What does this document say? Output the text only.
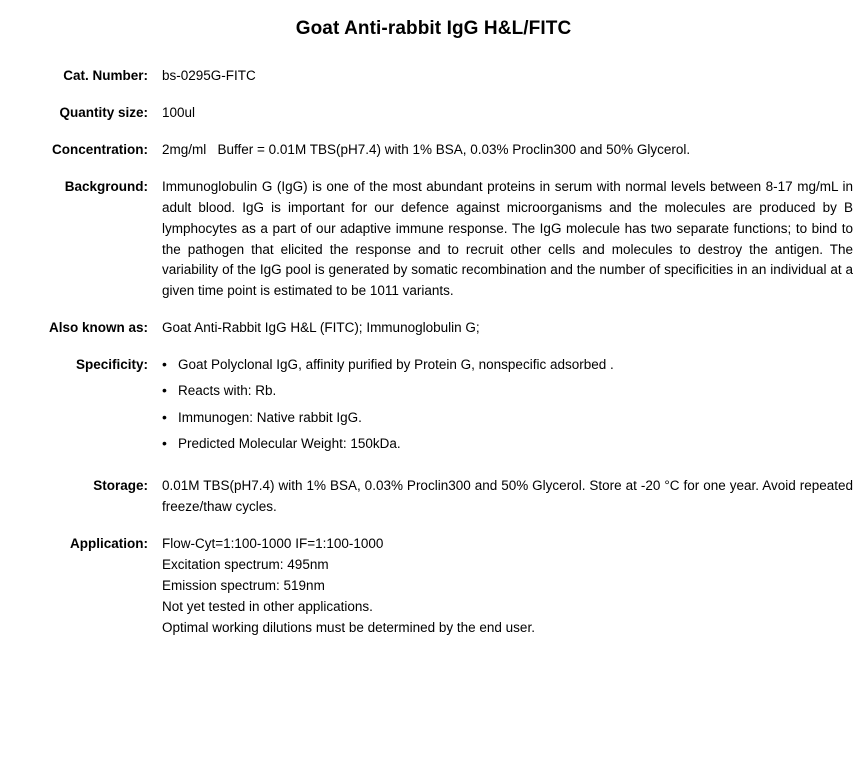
Goat Anti-rabbit IgG H&L/FITC
Cat. Number:	bs-0295G-FITC
Quantity size:	100ul
Concentration:	2mg/ml   Buffer = 0.01M TBS(pH7.4) with 1% BSA, 0.03% Proclin300 and 50% Glycerol.
Background:	Immunoglobulin G (IgG) is one of the most abundant proteins in serum with normal levels between 8-17 mg/mL in adult blood. IgG is important for our defence against microorganisms and the molecules are produced by B lymphocytes as a part of our adaptive immune response. The IgG molecule has two separate functions; to bind to the pathogen that elicited the response and to recruit other cells and molecules to destroy the antigen. The variability of the IgG pool is generated by somatic recombination and the number of specificities in an individual at a given time point is estimated to be 1011 variants.
Also known as:	Goat Anti-Rabbit IgG H&L (FITC); Immunoglobulin G;
Specificity:	• Goat Polyclonal IgG, affinity purified by Protein G, nonspecific adsorbed .
• Reacts with: Rb.
• Immunogen: Native rabbit IgG.
• Predicted Molecular Weight: 150kDa.
Storage:	0.01M TBS(pH7.4) with 1% BSA, 0.03% Proclin300 and 50% Glycerol. Store at -20 °C for one year. Avoid repeated freeze/thaw cycles.
Application: Flow-Cyt=1:100-1000 IF=1:100-1000
Excitation spectrum: 495nm
Emission spectrum: 519nm
Not yet tested in other applications.
Optimal working dilutions must be determined by the end user.
